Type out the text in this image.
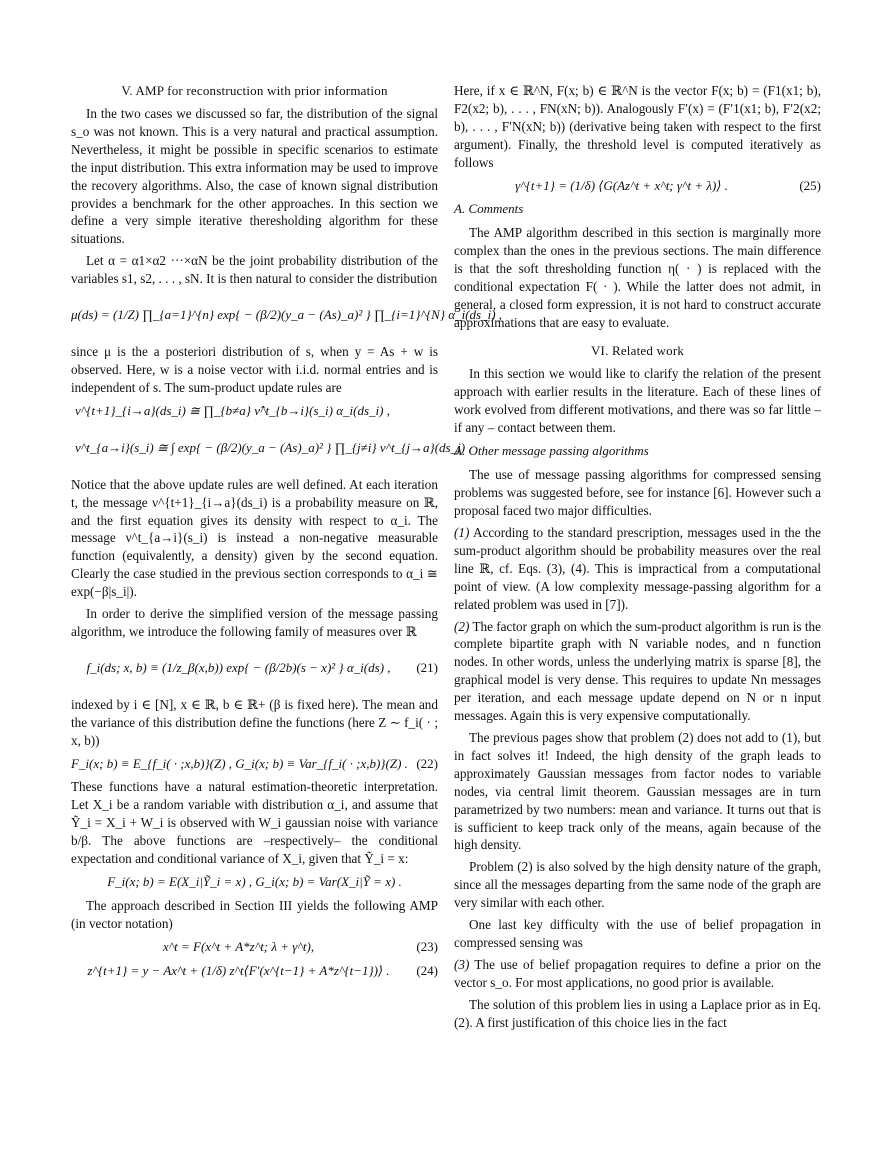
V. AMP for reconstruction with prior information

In the two cases we discussed so far, the distribution of the signal s_o was not known. This is a very natural and practical assumption. Nevertheless, it might be possible in specific scenarios to estimate the input distribution. This extra information may be used to improve the recovery algorithms. Also, the case of known signal distribution provides a benchmark for the other approaches. In this section we define a very simple iterative theresholding algorithm for these situations.

Let α = α1×α2 ···×αN be the joint probability distribution of the variables s1, s2, . . . , sN. It is then natural to consider the distribution

μ(ds) = (1/Z) ∏_{a=1}^{n} exp{ − (β/2)(y_a − (As)_a)² } ∏_{i=1}^{N} α_i(ds_i) ,

since μ is the a posteriori distribution of s, when y = As + w is observed. Here, w is a noise vector with i.i.d. normal entries and is independent of s. The sum-product update rules are

ν^{t+1}_{i→a}(ds_i) ≅ ∏_{b≠a} ν̂^t_{b→i}(s_i) α_i(ds_i) ,
ν^t_{a→i}(s_i) ≅ ∫ exp{ − (β/2)(y_a − (As)_a)² } ∏_{j≠i} ν^t_{j→a}(ds_j) .

Notice that the above update rules are well defined. At each iteration t, the message ν^{t+1}_{i→a}(ds_i) is a probability measure on ℝ, and the first equation gives its density with respect to α_i. The message ν^t_{a→i}(s_i) is instead a non-negative measurable function (equivalently, a density) given by the second equation. Clearly the case studied in the previous section corresponds to α_i ≅ exp(−β|s_i|).

In order to derive the simplified version of the message passing algorithm, we introduce the following family of measures over ℝ

f_i(ds; x, b) ≡ (1/z_β(x,b)) exp{ − (β/2b)(s − x)² } α_i(ds) ,	(21)

indexed by i ∈ [N], x ∈ ℝ, b ∈ ℝ+ (β is fixed here). The mean and the variance of this distribution define the functions (here Z ∼ f_i( · ; x, b))

F_i(x; b) ≡ E_{f_i( · ;x,b)}(Z) , G_i(x; b) ≡ Var_{f_i( · ;x,b)}(Z) . (22)

These functions have a natural estimation-theoretic interpretation. Let X_i be a random variable with distribution α_i, and assume that Ỹ_i = X_i + W_i is observed with W_i gaussian noise with variance b/β. The above functions are –respectively– the conditional expectation and conditional variance of X_i, given that Ỹ_i = x:

F_i(x; b) = E(X_i|Ỹ_i = x) , G_i(x; b) = Var(X_i|Ỹ = x) .

The approach described in Section III yields the following AMP (in vector notation)

x^t = F(x^t + A*z^t; λ + γ^t),	(23)
z^{t+1} = y − Ax^t + (1/δ) z^t⟨F′(x^{t−1} + A*z^{t−1})⟩ .	(24)

Here, if x ∈ ℝ^N, F(x; b) ∈ ℝ^N is the vector F(x; b) = (F1(x1; b), F2(x2; b), . . . , FN(xN; b)). Analogously F′(x) = (F′1(x1; b), F′2(x2; b), . . . , F′N(xN; b)) (derivative being taken with respect to the first argument). Finally, the threshold level is computed iteratively as follows

γ^{t+1} = (1/δ) ⟨G(Az^t + x^t; γ^t + λ)⟩ .	(25)
A. Comments

The AMP algorithm described in this section is marginally more complex than the ones in the previous sections. The main difference is that the soft thresholding function η( · ) is replaced with the conditional expectation F( · ). While the latter does not admit, in general, a closed form expression, it is not hard to construct accurate approximations that are easy to evaluate.

VI. Related work

In this section we would like to clarify the relation of the present approach with earlier results in the literature. Each of these lines of work evolved from different motivations, and there was so far little – if any – contact between them.

A. Other message passing algorithms

The use of message passing algorithms for compressed sensing problems was suggested before, see for instance [6]. However such a proposal faced two major difficulties.

(1) According to the standard prescription, messages used in the the sum-product algorithm should be probability measures over the real line ℝ, cf. Eqs. (3), (4). This is impractical from a computational point of view. (A low complexity message-passing algorithm for a related problem was used in [7]).

(2) The factor graph on which the sum-product algorithm is run is the complete bipartite graph with N variable nodes, and n function nodes. In other words, unless the underlying matrix is sparse [8], the graphical model is very dense. This requires to update Nn messages per iteration, and each message update depend on N or n input messages. Again this is very expensive computationally.

The previous pages show that problem (2) does not add to (1), but in fact solves it! Indeed, the high density of the graph leads to approximately Gaussian messages from factor nodes to variable nodes, via central limit theorem. Gaussian messages are in turn parametrized by two numbers: mean and variance. It turns out that is is sufficient to keep track only of the means, again because of the high density.

Problem (2) is also solved by the high density nature of the graph, since all the messages departing from the same node of the graph are very similar with each other.

One last key difficulty with the use of belief propagation in compressed sensing was

(3) The use of belief propagation requires to define a prior on the vector s_o. For most applications, no good prior is available.

The solution of this problem lies in using a Laplace prior as in Eq. (2). A first justification of this choice lies in the fact
